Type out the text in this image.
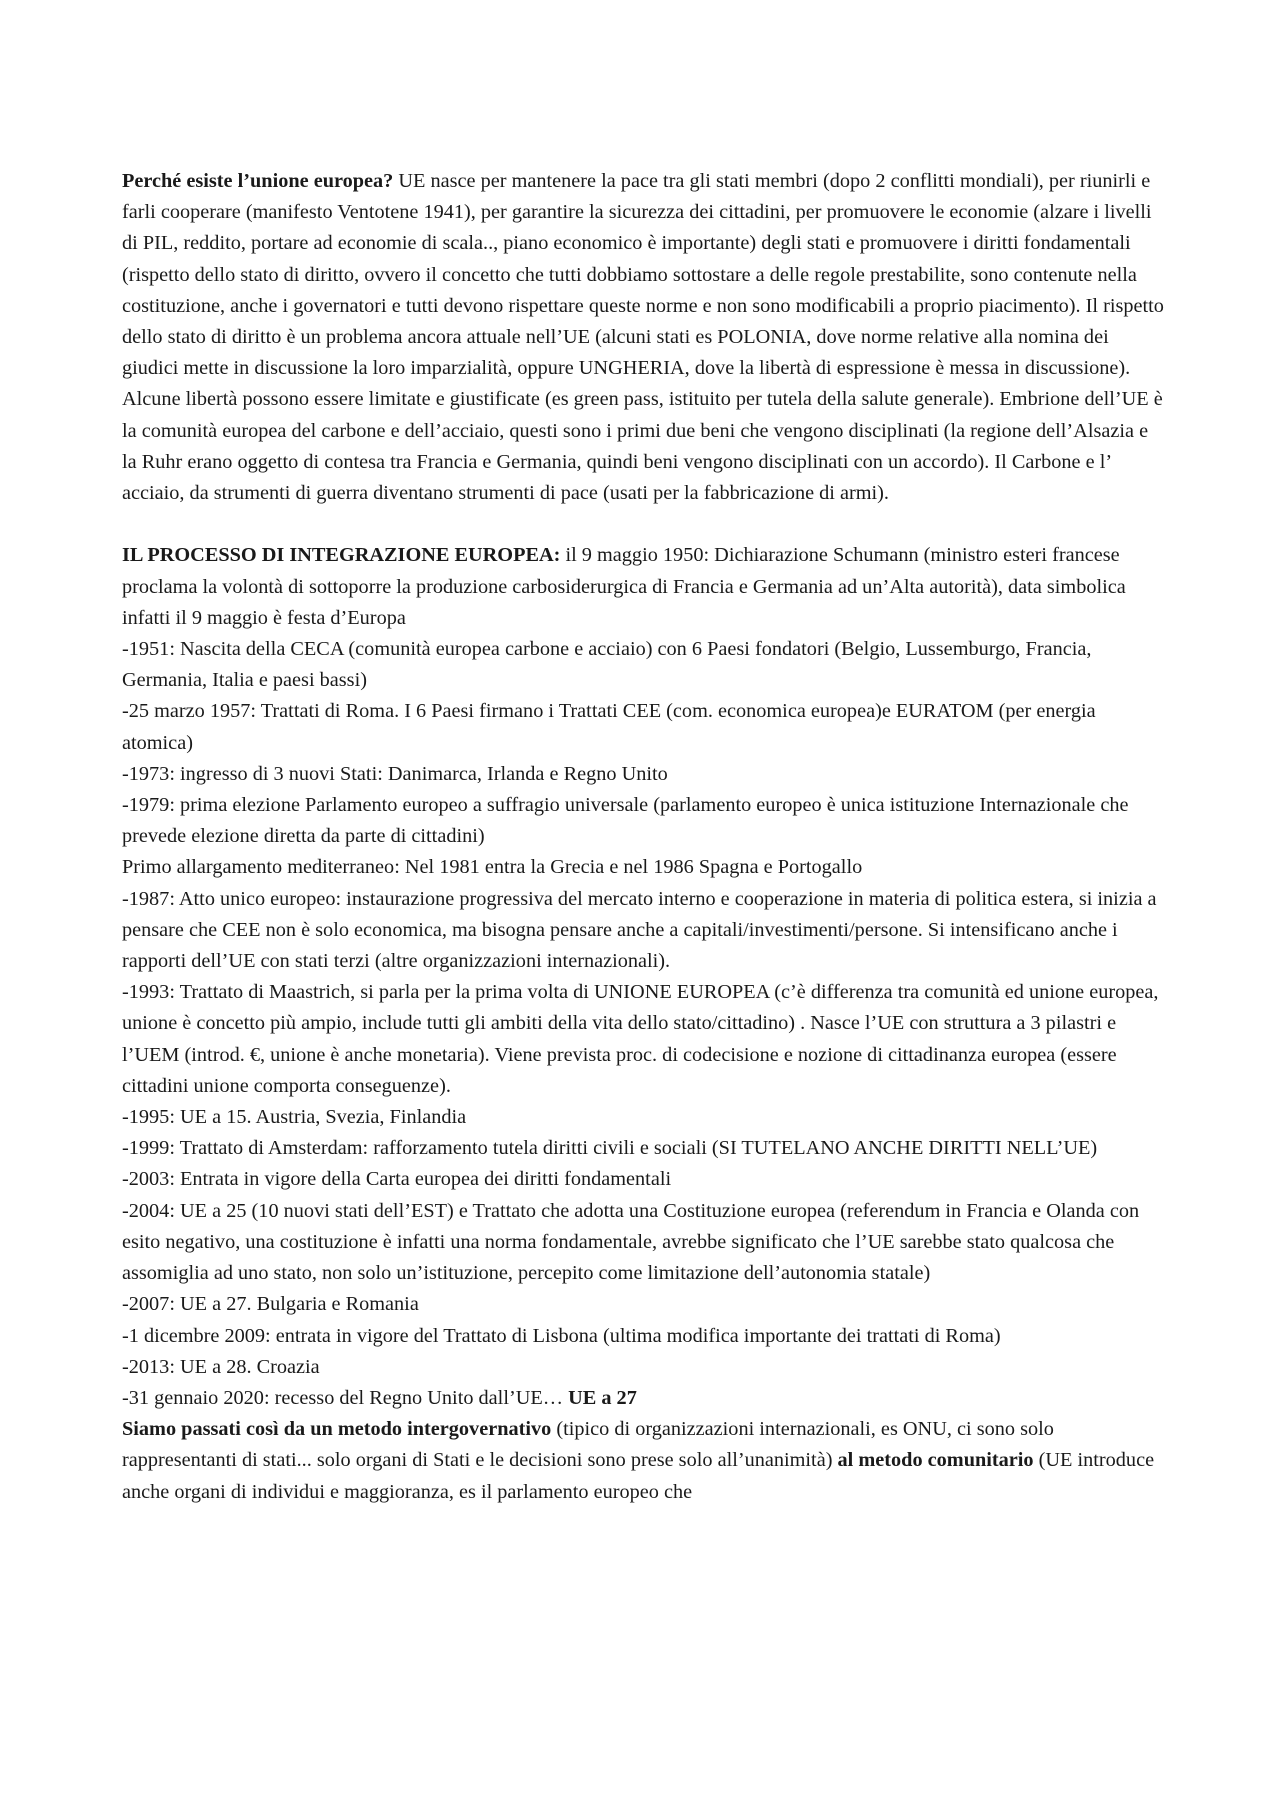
Perché esiste l’unione europea? UE nasce per mantenere la pace tra gli stati membri (dopo 2 conflitti mondiali), per riunirli e farli cooperare (manifesto Ventotene 1941), per garantire la sicurezza dei cittadini, per promuovere le economie (alzare i livelli di PIL, reddito, portare ad economie di scala.., piano economico è importante) degli stati e promuovere i diritti fondamentali (rispetto dello stato di diritto, ovvero il concetto che tutti dobbiamo sottostare a delle regole prestabilite, sono contenute nella costituzione, anche i governatori e tutti devono rispettare queste norme e non sono modificabili a proprio piacimento). Il rispetto dello stato di diritto è un problema ancora attuale nell’UE (alcuni stati es POLONIA, dove norme relative alla nomina dei giudici mette in discussione la loro imparzialità, oppure UNGHERIA, dove la libertà di espressione è messa in discussione). Alcune libertà possono essere limitate e giustificate (es green pass, istituito per tutela della salute generale). Embrione dell’UE è la comunità europea del carbone e dell’acciaio, questi sono i primi due beni che vengono disciplinati (la regione dell’Alsazia e la Ruhr erano oggetto di contesa tra Francia e Germania, quindi beni vengono disciplinati con un accordo). Il Carbone e l’ acciaio, da strumenti di guerra diventano strumenti di pace (usati per la fabbricazione di armi).

IL PROCESSO DI INTEGRAZIONE EUROPEA: il 9 maggio 1950: Dichiarazione Schumann (ministro esteri francese proclama la volontà di sottoporre la produzione carbosiderurgica di Francia e Germania ad un’Alta autorità), data simbolica infatti il 9 maggio è festa d’Europa

-1951: Nascita della CECA (comunità europea carbone e acciaio) con 6 Paesi fondatori (Belgio, Lussemburgo, Francia, Germania, Italia e paesi bassi)

-25 marzo 1957: Trattati di Roma. I 6 Paesi firmano i Trattati CEE (com. economica europea)e EURATOM (per energia atomica)

-1973: ingresso di 3 nuovi Stati: Danimarca, Irlanda e Regno Unito

-1979: prima elezione Parlamento europeo a suffragio universale (parlamento europeo è unica istituzione Internazionale che prevede elezione diretta da parte di cittadini)

Primo allargamento mediterraneo: Nel 1981 entra la Grecia e nel 1986 Spagna e Portogallo

-1987: Atto unico europeo: instaurazione progressiva del mercato interno e cooperazione in materia di politica estera, si inizia a pensare che CEE non è solo economica, ma bisogna pensare anche a capitali/investimenti/persone. Si intensificano anche i rapporti dell’UE con stati terzi (altre organizzazioni internazionali).

-1993: Trattato di Maastrich, si parla per la prima volta di UNIONE EUROPEA (c’è differenza tra comunità ed unione europea, unione è concetto più ampio, include tutti gli ambiti della vita dello stato/cittadino) . Nasce l’UE con struttura a 3 pilastri e l’UEM (introd. €, unione è anche monetaria). Viene prevista proc. di codecisione e nozione di cittadinanza europea (essere cittadini unione comporta conseguenze).

-1995: UE a 15. Austria, Svezia, Finlandia

-1999: Trattato di Amsterdam: rafforzamento tutela diritti civili e sociali (SI TUTELANO ANCHE DIRITTI NELL’UE)

-2003: Entrata in vigore della Carta europea dei diritti fondamentali

-2004: UE a 25 (10 nuovi stati dell’EST) e Trattato che adotta una Costituzione europea (referendum in Francia e Olanda con esito negativo, una costituzione è infatti una norma fondamentale, avrebbe significato che l’UE sarebbe stato qualcosa che assomiglia ad uno stato, non solo un’istituzione, percepito come limitazione dell’autonomia statale)

-2007: UE a 27. Bulgaria e Romania

-1 dicembre 2009: entrata in vigore del Trattato di Lisbona (ultima modifica importante dei trattati di Roma)

-2013: UE a 28. Croazia

-31 gennaio 2020: recesso del Regno Unito dall’UE… UE a 27

Siamo passati così da un metodo intergovernativo (tipico di organizzazioni internazionali, es ONU, ci sono solo rappresentanti di stati... solo organi di Stati e le decisioni sono prese solo all’unanimità) al metodo comunitario (UE introduce anche organi di individui e maggioranza, es il parlamento europeo che
